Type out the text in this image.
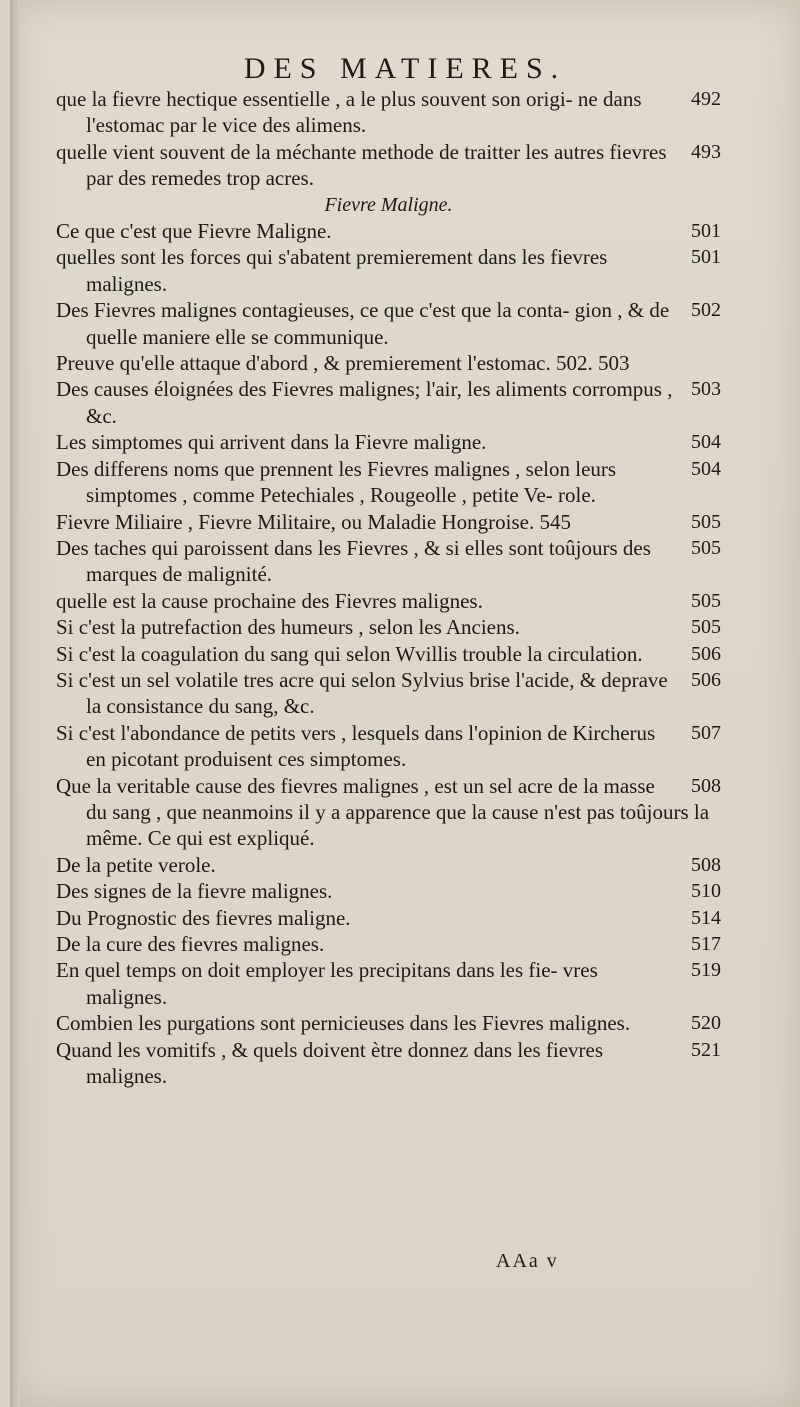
DES MATIERES.

492
que la fievre hectique essentielle , a le plus souvent son origi- ne dans l'estomac par le vice des alimens.

493
quelle vient souvent de la méchante methode de traitter les autres fievres par des remedes trop acres.

Fievre Maligne.

501
Ce que c'est que Fievre Maligne.

501
quelles sont les forces qui s'abatent premierement dans les fievres malignes.

502
Des Fievres malignes contagieuses, ce que c'est que la conta- gion , & de quelle maniere elle se communique.

Preuve qu'elle attaque d'abord , & premierement l'estomac. 502. 503

503
Des causes éloignées des Fievres malignes; l'air, les aliments corrompus , &c.

504
Les simptomes qui arrivent dans la Fievre maligne.

504
Des differens noms que prennent les Fievres malignes , selon leurs simptomes , comme Petechiales , Rougeolle , petite Ve- role.

505
Fievre Miliaire , Fievre Militaire, ou Maladie Hongroise. 545

505
Des taches qui paroissent dans les Fievres , & si elles sont toûjours des marques de malignité.

505
quelle est la cause prochaine des Fievres malignes.

505
Si c'est la putrefaction des humeurs , selon les Anciens.

506
Si c'est la coagulation du sang qui selon Wvillis trouble la circulation.

506
Si c'est un sel volatile tres acre qui selon Sylvius brise l'acide, & deprave la consistance du sang, &c.

507
Si c'est l'abondance de petits vers , lesquels dans l'opinion de Kircherus en picotant produisent ces simptomes.

508
Que la veritable cause des fievres malignes , est un sel acre de la masse du sang , que neanmoins il y a apparence que la cause n'est pas toûjours la même. Ce qui est expliqué.

508
De la petite verole.

510
Des signes de la fievre malignes.

514
Du Prognostic des fievres maligne.

517
De la cure des fievres malignes.

519
En quel temps on doit employer les precipitans dans les fie- vres malignes.

520
Combien les purgations sont pernicieuses dans les Fievres malignes.

521
Quand les vomitifs , & quels doivent ètre donnez dans les fievres malignes.

AAa v
